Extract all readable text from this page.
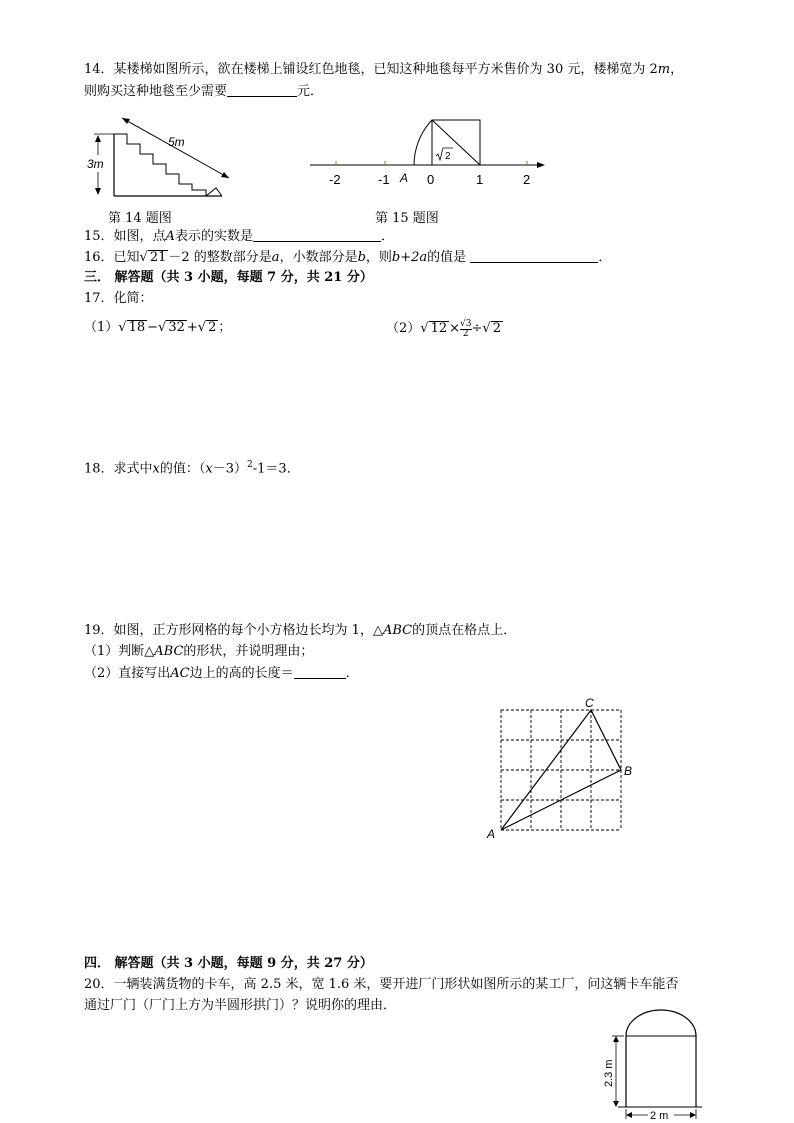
14．某楼梯如图所示，欲在楼梯上铺设红色地毯，已知这种地毯每平方米售价为 30 元，楼梯宽为 2m，
则购买这种地毯至少需要	元．
3m
5m
第 14 题图
2
-2	-1 A 0	1	2
第 15 题图
15．如图，点A表示的实数是	．
16．已知√ 21 －2 的整数部分是a，小数部分是b，则b+2a的值是	．
三． 解答题（共 3 小题，每题 7 分，共 21 分）
17．化简：
（1）√ 18 −√ 32 +√ 2 ；	（2）√ $12 \times \frac{√3}{2}$ ÷√ 2
18．求式中x的值：$(x-3)^2-1=3$．
19．如图，正方形网格的每个小方格边长均为 1，△ABC的顶点在格点上．
（1）判断△ABC的形状，并说明理由；
（2）直接写出AC边上的高的长度＝	．
C
B
A
四． 解答题（共 3 小题，每题 9 分，共 27 分）
20．一辆装满货物的卡车，高 2.5 米，宽 1.6 米，要开进厂门形状如图所示的某工厂，问这辆卡车能否
通过厂门（厂门上方为半圆形拱门）？说明你的理由．
2.3 m
2 m
